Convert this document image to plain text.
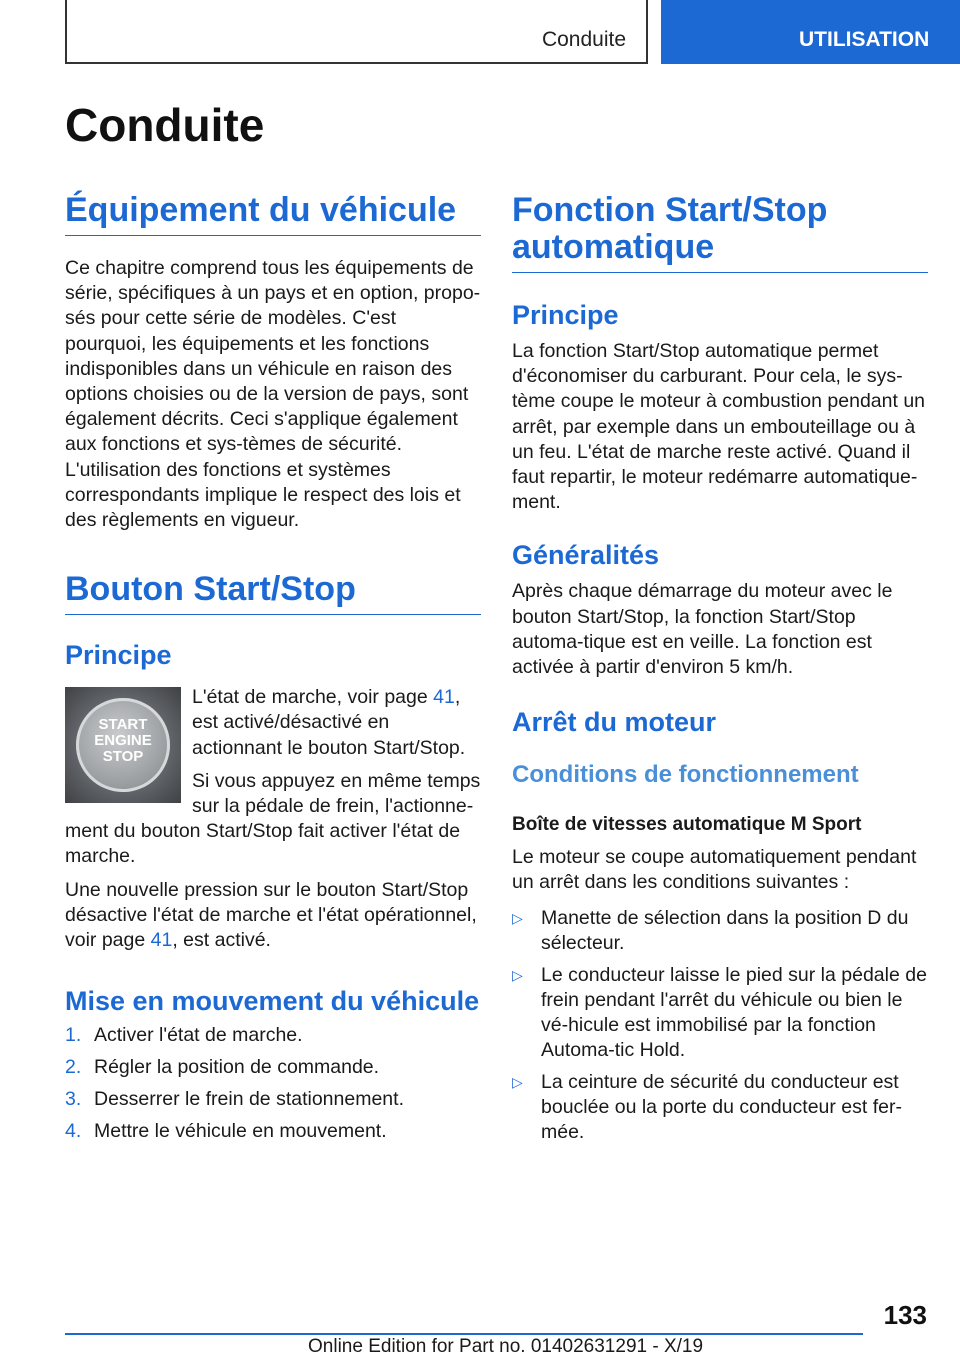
Conduite	UTILISATION
Conduite
Équipement du véhicule

Ce chapitre comprend tous les équipements de série, spécifiques à un pays et en option, propo-sés pour cette série de modèles. C'est pourquoi, les équipements et les fonctions indisponibles dans un véhicule en raison des options choisies ou de la version de pays, sont également décrits. Ceci s'applique également aux fonctions et sys-tèmes de sécurité. L'utilisation des fonctions et systèmes correspondants implique le respect des lois et des règlements en vigueur.

Bouton Start/Stop
Principe
START
ENGINE
STOP

L'état de marche, voir page 41, est activé/désactivé en actionnant le bouton Start/Stop.

Si vous appuyez en même temps sur la pédale de frein, l'actionne-ment du bouton Start/Stop fait activer l'état de marche.

Une nouvelle pression sur le bouton Start/Stop désactive l'état de marche et l'état opérationnel, voir page 41, est activé.

Mise en mouvement du véhicule
1. Activer l'état de marche.
2. Régler la position de commande.
3. Desserrer le frein de stationnement.
4. Mettre le véhicule en mouvement.
Fonction Start/Stop automatique
Principe

La fonction Start/Stop automatique permet d'économiser du carburant. Pour cela, le sys-tème coupe le moteur à combustion pendant un arrêt, par exemple dans un embouteillage ou à un feu. L'état de marche reste activé. Quand il faut repartir, le moteur redémarre automatique-ment.

Généralités

Après chaque démarrage du moteur avec le bouton Start/Stop, la fonction Start/Stop automa-tique est en veille. La fonction est activée à partir d'environ 5 km/h.

Arrêt du moteur
Conditions de fonctionnement
Boîte de vitesses automatique M Sport

Le moteur se coupe automatiquement pendant un arrêt dans les conditions suivantes :

▷ Manette de sélection dans la position D du sélecteur.
▷ Le conducteur laisse le pied sur la pédale de frein pendant l'arrêt du véhicule ou bien le vé-hicule est immobilisé par la fonction Automa-tic Hold.
▷ La ceinture de sécurité du conducteur est bouclée ou la porte du conducteur est fer-mée.
133
Online Edition for Part no. 01402631291 - X/19
